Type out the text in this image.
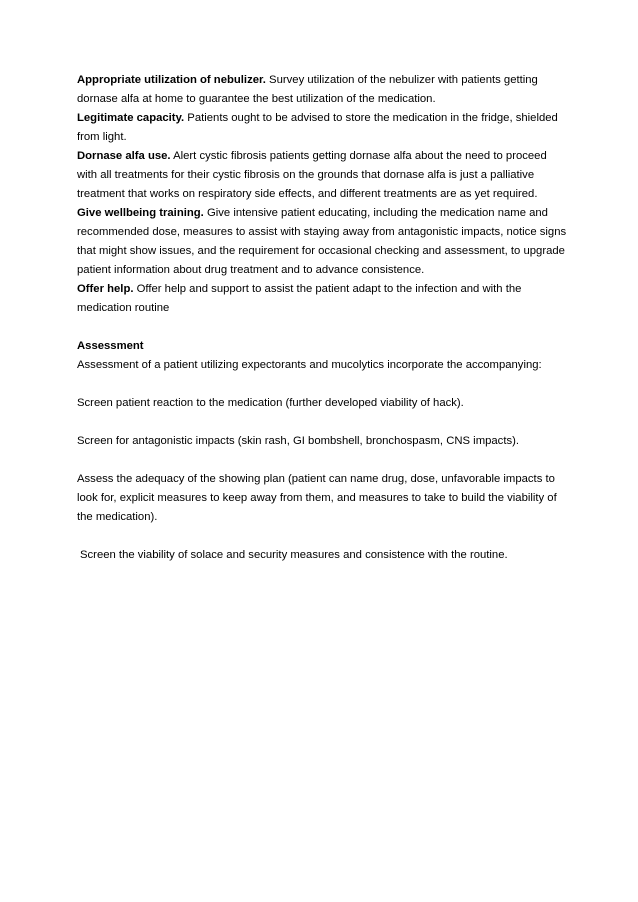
Appropriate utilization of nebulizer. Survey utilization of the nebulizer with patients getting dornase alfa at home to guarantee the best utilization of the medication.

Legitimate capacity. Patients ought to be advised to store the medication in the fridge, shielded from light.

Dornase alfa use. Alert cystic fibrosis patients getting dornase alfa about the need to proceed with all treatments for their cystic fibrosis on the grounds that dornase alfa is just a palliative treatment that works on respiratory side effects, and different treatments are as yet required.

Give wellbeing training. Give intensive patient educating, including the medication name and recommended dose, measures to assist with staying away from antagonistic impacts, notice signs that might show issues, and the requirement for occasional checking and assessment, to upgrade patient information about drug treatment and to advance consistence.

Offer help. Offer help and support to assist the patient adapt to the infection and with the medication routine

Assessment

Assessment of a patient utilizing expectorants and mucolytics incorporate the accompanying:

Screen patient reaction to the medication (further developed viability of hack).

Screen for antagonistic impacts (skin rash, GI bombshell, bronchospasm, CNS impacts).

Assess the adequacy of the showing plan (patient can name drug, dose, unfavorable impacts to look for, explicit measures to keep away from them, and measures to take to build the viability of the medication).

Screen the viability of solace and security measures and consistence with the routine.
